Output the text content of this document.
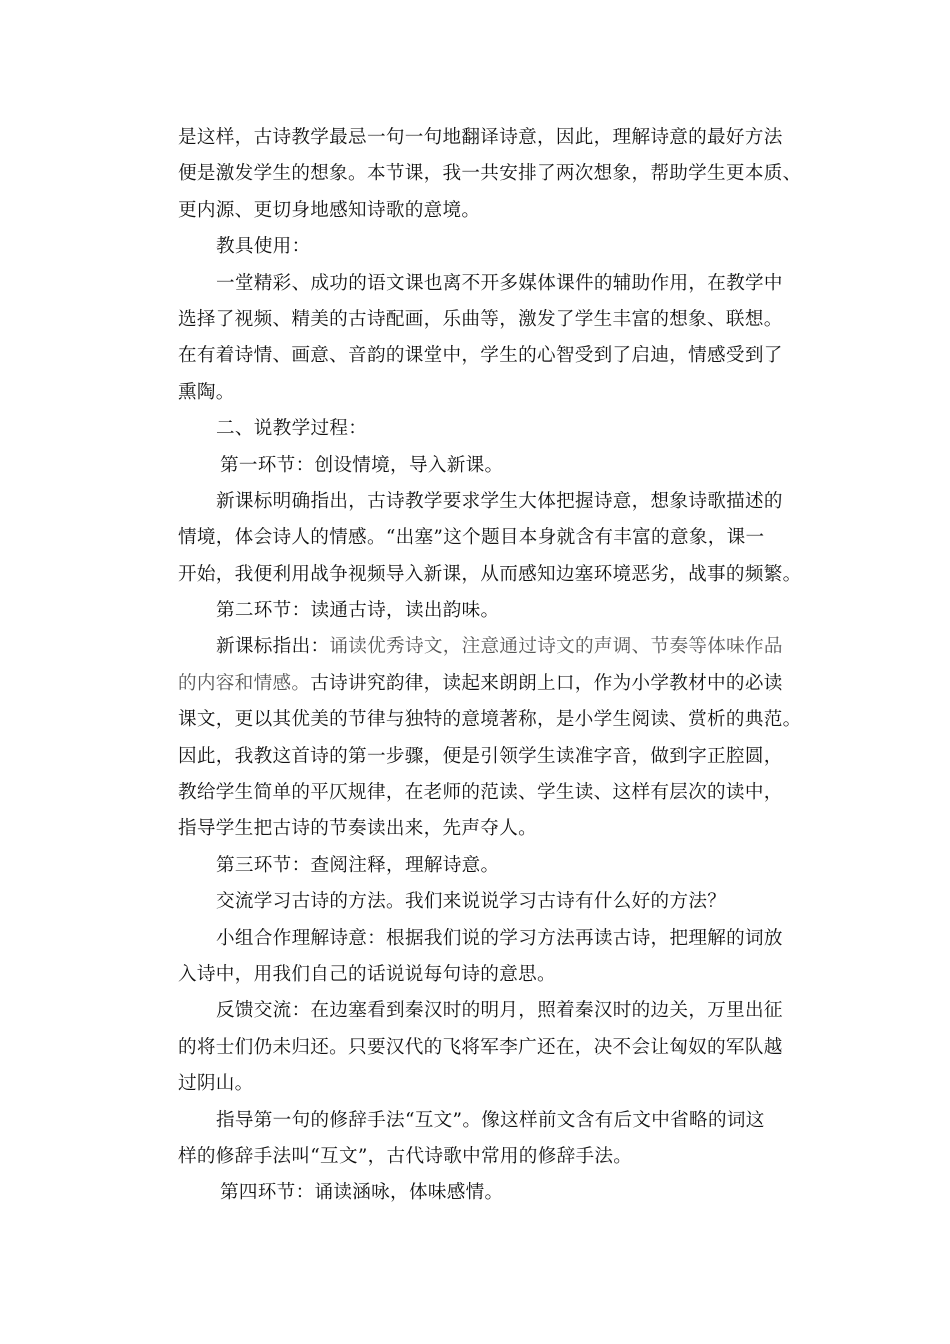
是这样，古诗教学最忌一句一句地翻译诗意，因此，理解诗意的最好方法
便是激发学生的想象。本节课，我一共安排了两次想象，帮助学生更本质、
更内源、更切身地感知诗歌的意境。
教具使用：
一堂精彩、成功的语文课也离不开多媒体课件的辅助作用，在教学中
选择了视频、精美的古诗配画，乐曲等，激发了学生丰富的想象、联想。
在有着诗情、画意、音韵的课堂中，学生的心智受到了启迪，情感受到了
熏陶。
二、说教学过程：
第一环节：创设情境，导入新课。
新课标明确指出，古诗教学要求学生大体把握诗意，想象诗歌描述的
情境，体会诗人的情感。“出塞”这个题目本身就含有丰富的意象，课一
开始，我便利用战争视频导入新课，从而感知边塞环境恶劣，战事的频繁。
第二环节：读通古诗，读出韵味。
新课标指出：诵读优秀诗文，注意通过诗文的声调、节奏等体味作品
的内容和情感。古诗讲究韵律，读起来朗朗上口，作为小学教材中的必读
课文，更以其优美的节律与独特的意境著称，是小学生阅读、赏析的典范。
因此，我教这首诗的第一步骤，便是引领学生读准字音，做到字正腔圆，
教给学生简单的平仄规律，在老师的范读、学生读、这样有层次的读中，
指导学生把古诗的节奏读出来，先声夺人。
第三环节：查阅注释，理解诗意。
交流学习古诗的方法。我们来说说学习古诗有什么好的方法？
小组合作理解诗意：根据我们说的学习方法再读古诗，把理解的词放
入诗中，用我们自己的话说说每句诗的意思。
反馈交流：在边塞看到秦汉时的明月，照着秦汉时的边关，万里出征
的将士们仍未归还。只要汉代的飞将军李广还在，决不会让匈奴的军队越
过阴山。
指导第一句的修辞手法“互文”。像这样前文含有后文中省略的词这
样的修辞手法叫“互文”，古代诗歌中常用的修辞手法。
第四环节：诵读涵咏，体味感情。
